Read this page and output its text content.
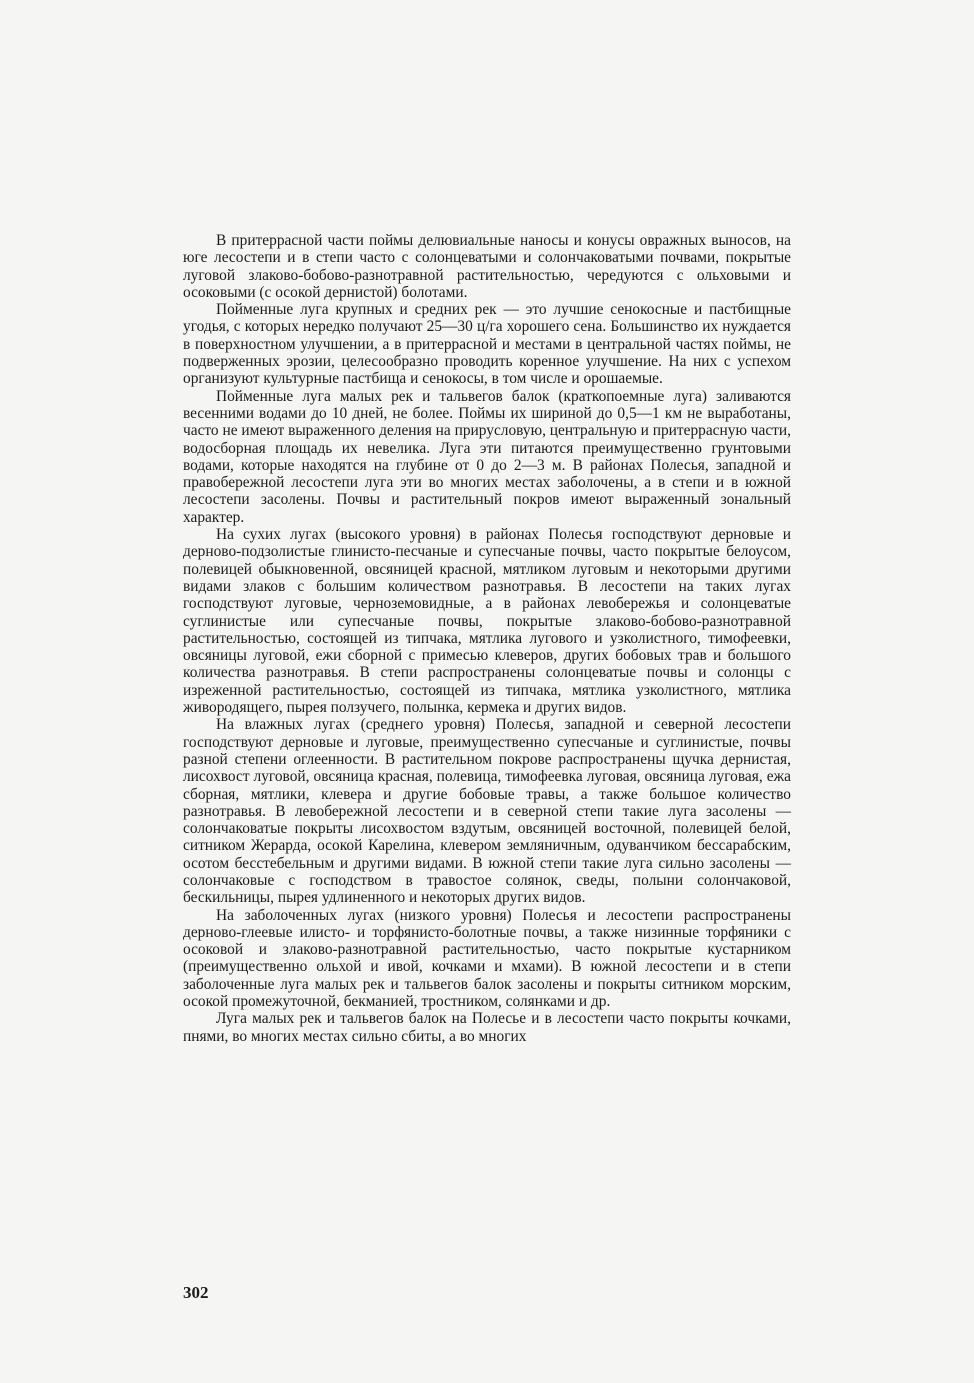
В притеррасной части поймы делювиальные наносы и конусы овражных выносов, на юге лесостепи и в степи часто с солонцеватыми и солончаковатыми почвами, покрытые луговой злаково-бобово-разнотравной растительностью, чередуются с ольховыми и осоковыми (с осокой дернистой) болотами.

Пойменные луга крупных и средних рек — это лучшие сенокосные и пастбищные угодья, с которых нередко получают 25—30 ц/га хорошего сена. Большинство их нуждается в поверхностном улучшении, а в притеррасной и местами в центральной частях поймы, не подверженных эрозии, целесообразно проводить коренное улучшение. На них с успехом организуют культурные пастбища и сенокосы, в том числе и орошаемые.

Пойменные луга малых рек и тальвегов балок (краткопоемные луга) заливаются весенними водами до 10 дней, не более. Поймы их шириной до 0,5—1 км не выработаны, часто не имеют выраженного деления на прирусловую, центральную и притеррасную части, водосборная площадь их невелика. Луга эти питаются преимущественно грунтовыми водами, которые находятся на глубине от 0 до 2—3 м. В районах Полесья, западной и правобережной лесостепи луга эти во многих местах заболочены, а в степи и в южной лесостепи засолены. Почвы и растительный покров имеют выраженный зональный характер.

На сухих лугах (высокого уровня) в районах Полесья господствуют дерновые и дерново-подзолистые глинисто-песчаные и супесчаные почвы, часто покрытые белоусом, полевицей обыкновенной, овсяницей красной, мятликом луговым и некоторыми другими видами злаков с большим количеством разнотравья. В лесостепи на таких лугах господствуют луговые, черноземовидные, а в районах левобережья и солонцеватые суглинистые или супесчаные почвы, покрытые злаково-бобово-разнотравной растительностью, состоящей из типчака, мятлика лугового и узколистного, тимофеевки, овсяницы луговой, ежи сборной с примесью клеверов, других бобовых трав и большого количества разнотравья. В степи распространены солонцеватые почвы и солонцы с изреженной растительностью, состоящей из типчака, мятлика узколистного, мятлика живородящего, пырея ползучего, полынка, кермека и других видов.

На влажных лугах (среднего уровня) Полесья, западной и северной лесостепи господствуют дерновые и луговые, преимущественно супесчаные и суглинистые, почвы разной степени оглеенности. В растительном покрове распространены щучка дернистая, лисохвост луговой, овсяница красная, полевица, тимофеевка луговая, овсяница луговая, ежа сборная, мятлики, клевера и другие бобовые травы, а также большое количество разнотравья. В левобережной лесостепи и в северной степи такие луга засолены — солончаковатые покрыты лисохвостом вздутым, овсяницей восточной, полевицей белой, ситником Жерарда, осокой Карелина, клевером земляничным, одуванчиком бессарабским, осотом бесстебельным и другими видами. В южной степи такие луга сильно засолены — солончаковые с господством в травостое солянок, сведы, полыни солончаковой, бескильницы, пырея удлиненного и некоторых других видов.

На заболоченных лугах (низкого уровня) Полесья и лесостепи распространены дерново-глеевые илисто- и торфянисто-болотные почвы, а также низинные торфяники с осоковой и злаково-разнотравной растительностью, часто покрытые кустарником (преимущественно ольхой и ивой, кочками и мхами). В южной лесостепи и в степи заболоченные луга малых рек и тальвегов балок засолены и покрыты ситником морским, осокой промежуточной, бекманией, тростником, солянками и др.

Луга малых рек и тальвегов балок на Полесье и в лесостепи часто покрыты кочками, пнями, во многих местах сильно сбиты, а во многих

302
